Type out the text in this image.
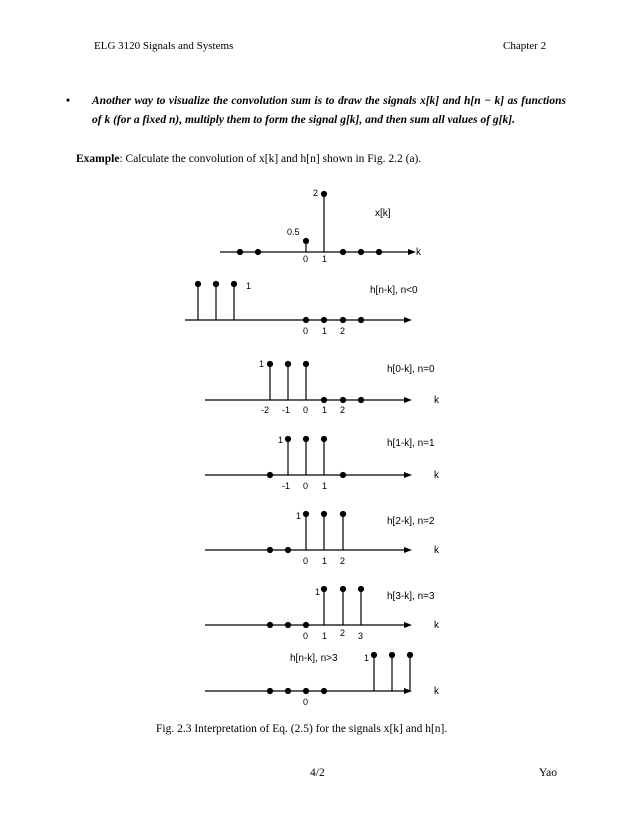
ELG 3120 Signals and Systems	Chapter 2
• Another way to visualize the convolution sum is to draw the signals x[k] and h[n − k] as functions of k (for a fixed n), multiply them to form the signal g[k], and then sum all values of g[k].
Example: Calculate the convolution of x[k] and h[n] shown in Fig. 2.2 (a).
0.5
2
0 1
x[k]
k
1
0 1 2
h[n-k], n<0
1
-2 -1 0 1 2
h[0-k], n=0
k
1
-1 0 1
h[1-k], n=1
k
1
0 1 2
h[2-k], n=2
k
1
0 1 2 3
h[3-k], n=3
k
1
0
h[n-k], n>3
k
Fig. 2.3 Interpretation of Eq. (2.5) for the signals x[k] and h[n].
4/2	Yao
